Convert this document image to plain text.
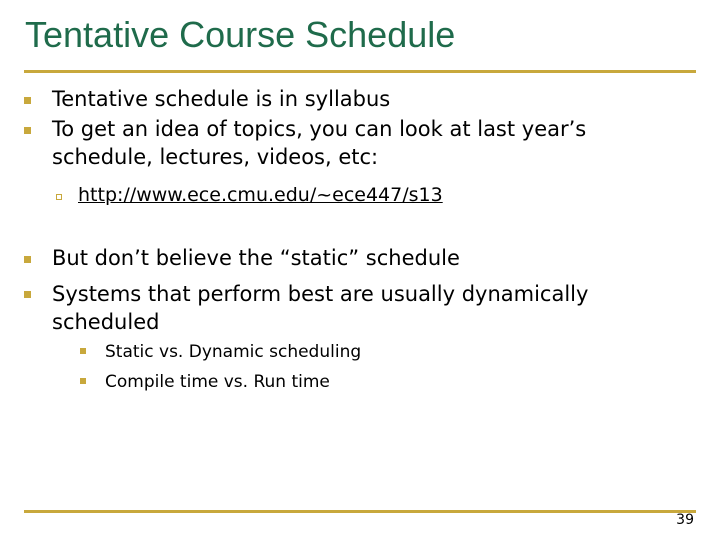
Tentative Course Schedule
Tentative schedule is in syllabus
To get an idea of topics, you can look at last year’s schedule, lectures, videos, etc:
http://www.ece.cmu.edu/~ece447/s13
But don’t believe the “static” schedule
Systems that perform best are usually dynamically scheduled
Static vs. Dynamic scheduling
Compile time vs. Run time
39
